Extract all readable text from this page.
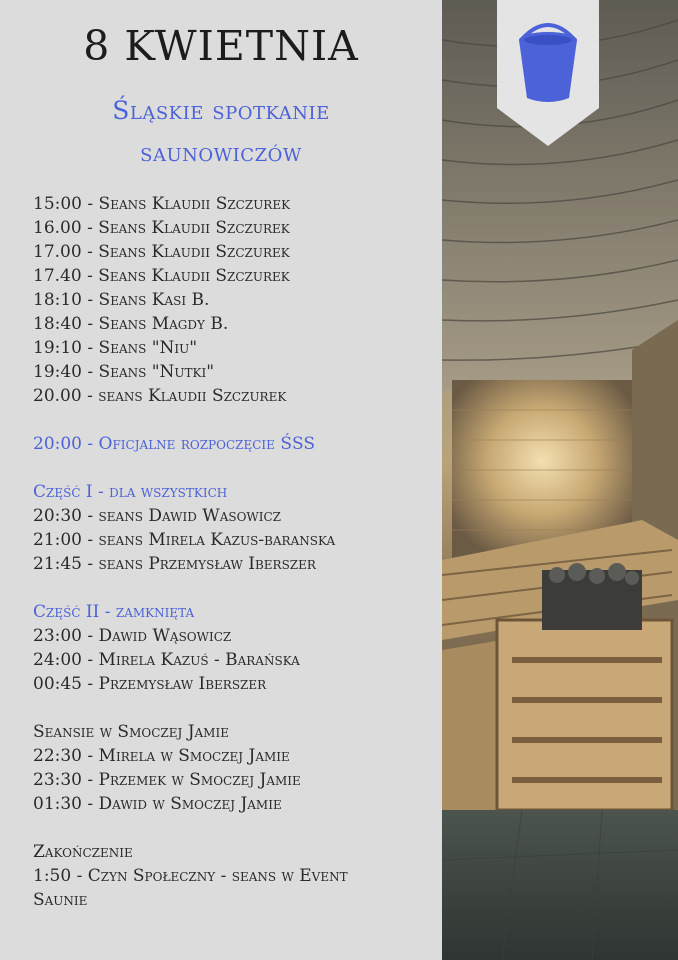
8 KWIETNIA
Śląskie spotkanie
saunowiczów
15:00 - Seans Klaudii Szczurek
16.00 - Seans Klaudii Szczurek
17.00 - Seans Klaudii Szczurek
17.40 - Seans Klaudii Szczurek
18:10 - Seans Kasi B.
18:40 - Seans Magdy B.
19:10 - Seans "Niu"
19:40 - Seans "Nutki"
20.00 - seans Klaudii Szczurek
20:00 - Oficjalne rozpoczęcie ŚSS
Część I - dla wszystkich
20:30 - seans Dawid Wasowicz
21:00 - seans Mirela Kazus-baranska
21:45 - seans Przemysław Iberszer
Część II - zamknięta
23:00 - Dawid Wąsowicz
24:00 - Mirela Kazuś - Barańska
00:45 - Przemysław Iberszer
Seansie w Smoczej Jamie
22:30 - Mirela w Smoczej Jamie
23:30 - Przemek w Smoczej Jamie
01:30 - Dawid w Smoczej Jamie
Zakończenie
1:50 - Czyn Społeczny - seans w Event
Saunie
